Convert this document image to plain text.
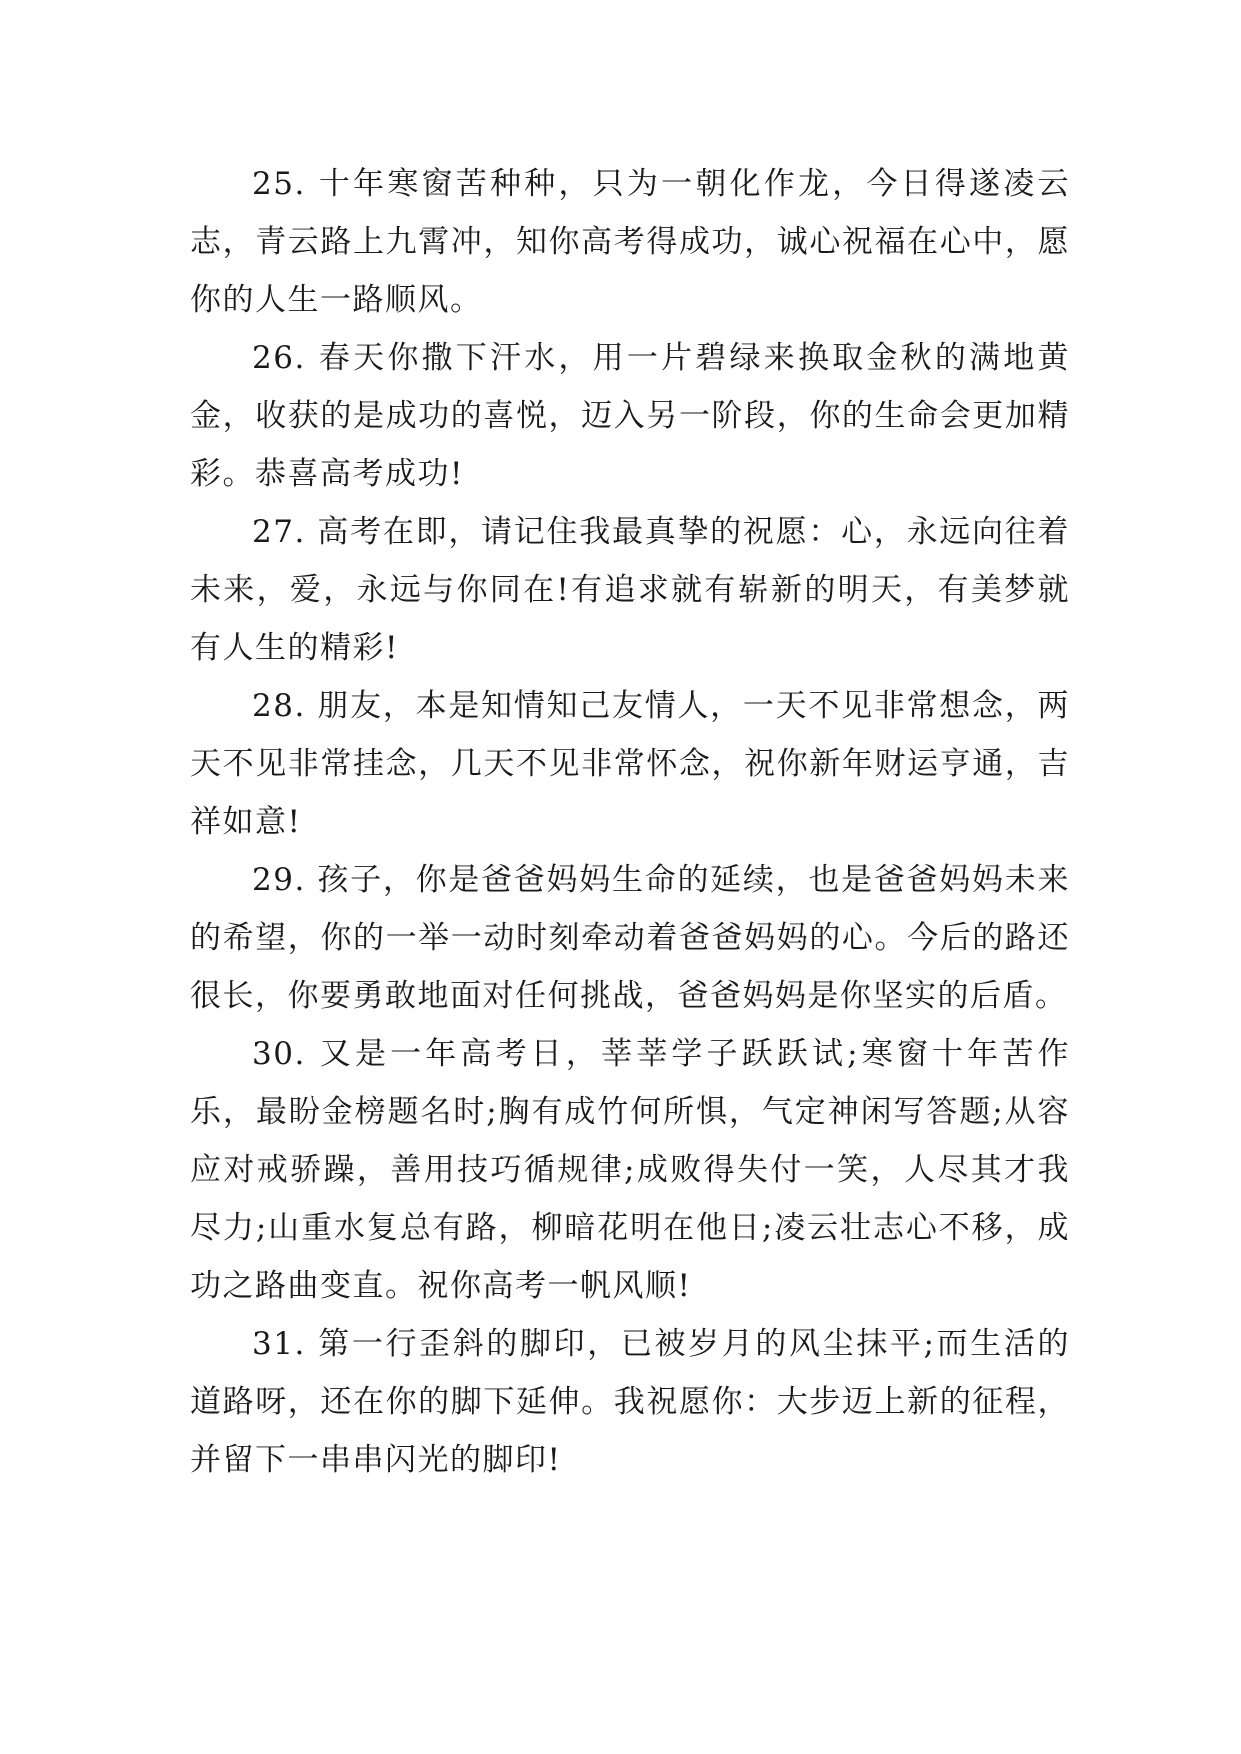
25. 十年寒窗苦种种，只为一朝化作龙，今日得遂凌云志，青云路上九霄冲，知你高考得成功，诚心祝福在心中，愿你的人生一路顺风。

26. 春天你撒下汗水，用一片碧绿来换取金秋的满地黄金，收获的是成功的喜悦，迈入另一阶段，你的生命会更加精彩。恭喜高考成功!

27. 高考在即，请记住我最真挚的祝愿：心，永远向往着未来，爱，永远与你同在!有追求就有崭新的明天，有美梦就有人生的精彩!

28. 朋友，本是知情知己友情人，一天不见非常想念，两天不见非常挂念，几天不见非常怀念，祝你新年财运亨通，吉祥如意!

29. 孩子，你是爸爸妈妈生命的延续，也是爸爸妈妈未来的希望，你的一举一动时刻牵动着爸爸妈妈的心。今后的路还很长，你要勇敢地面对任何挑战，爸爸妈妈是你坚实的后盾。

30. 又是一年高考日，莘莘学子跃跃试;寒窗十年苦作乐，最盼金榜题名时;胸有成竹何所惧，气定神闲写答题;从容应对戒骄躁，善用技巧循规律;成败得失付一笑，人尽其才我尽力;山重水复总有路，柳暗花明在他日;凌云壮志心不移，成功之路曲变直。祝你高考一帆风顺!

31. 第一行歪斜的脚印，已被岁月的风尘抹平;而生活的道路呀，还在你的脚下延伸。我祝愿你：大步迈上新的征程，并留下一串串闪光的脚印!
